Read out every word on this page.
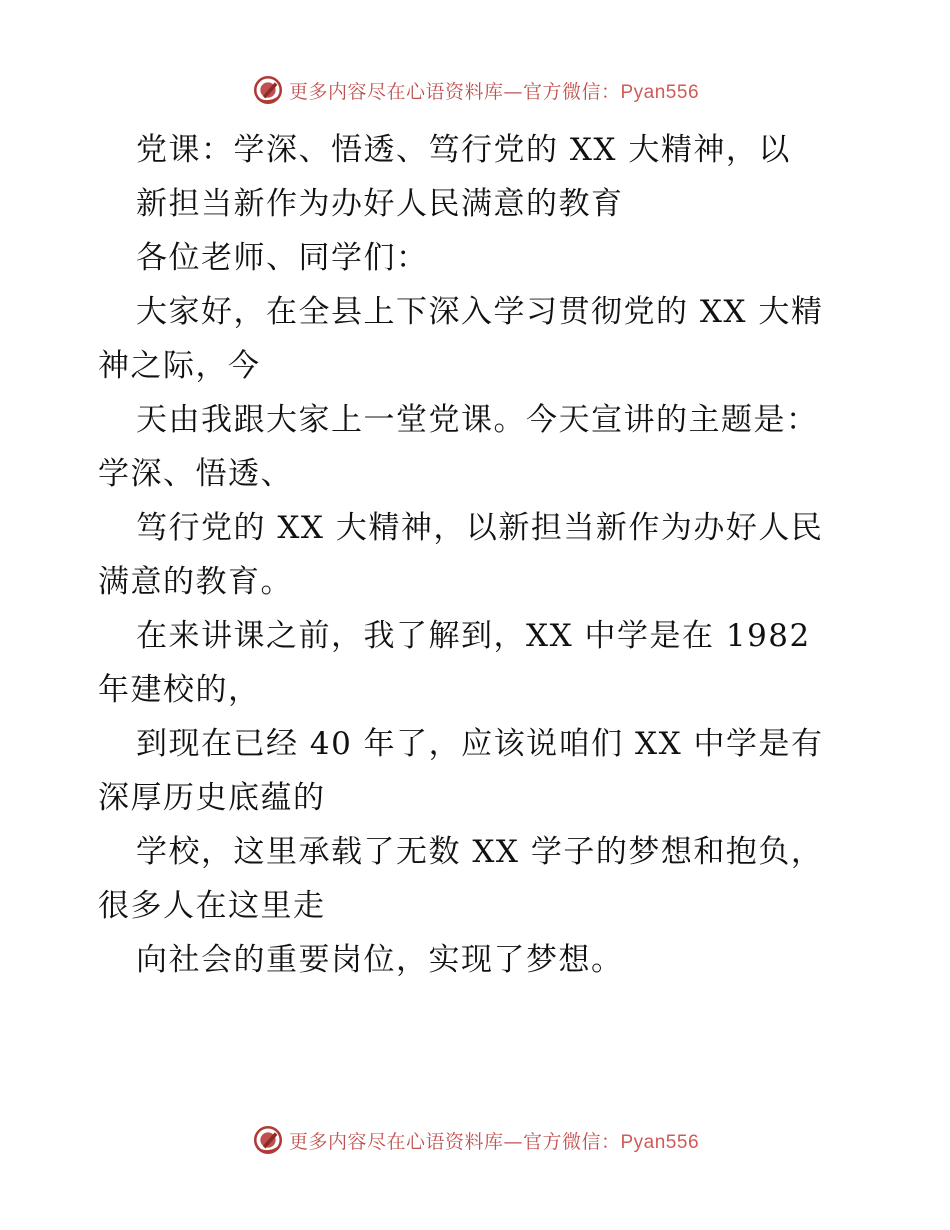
更多内容尽在心语资料库—官方微信：Pyan556
党课：学深、悟透、笃行党的 XX 大精神，以
新担当新作为办好人民满意的教育
各位老师、同学们：
大家好，在全县上下深入学习贯彻党的 XX 大精
神之际，今
天由我跟大家上一堂党课。今天宣讲的主题是：
学深、悟透、
笃行党的 XX 大精神，以新担当新作为办好人民
满意的教育。
在来讲课之前，我了解到，XX 中学是在 1982
年建校的，
到现在已经 40 年了，应该说咱们 XX 中学是有
深厚历史底蕴的
学校，这里承载了无数 XX 学子的梦想和抱负，
很多人在这里走
向社会的重要岗位，实现了梦想。
更多内容尽在心语资料库—官方微信：Pyan556
